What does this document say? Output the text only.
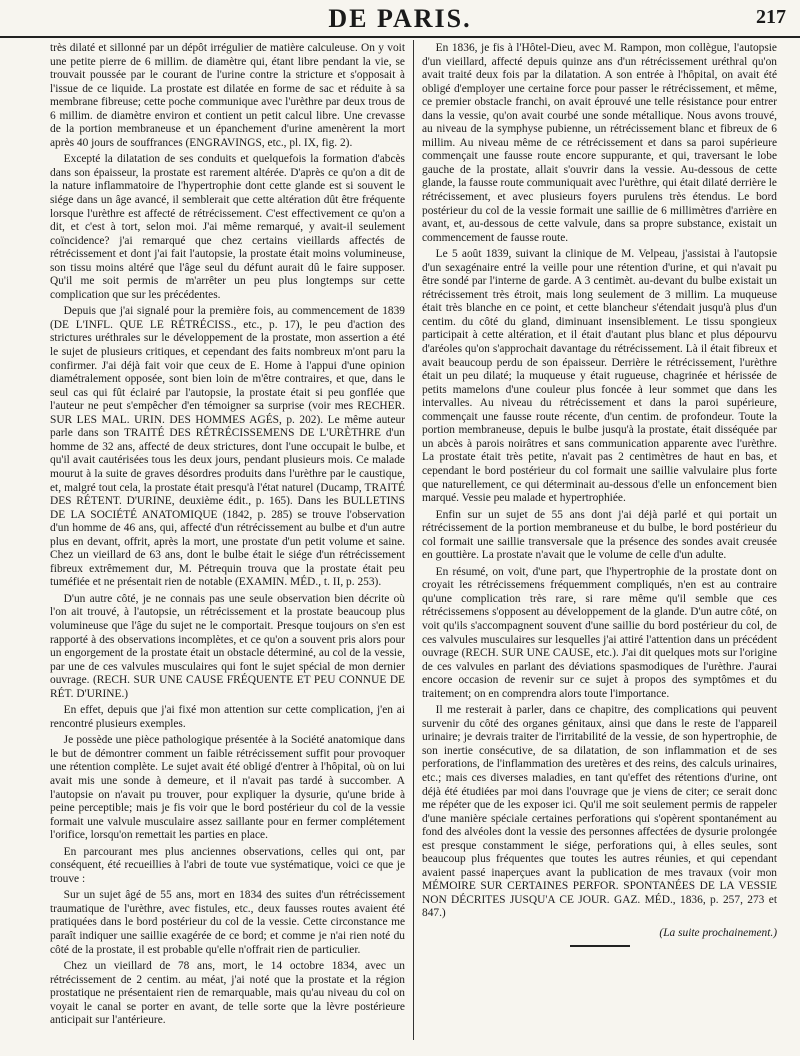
DE PARIS.	217

très dilaté et sillonné par un dépôt irrégulier de matière calculeuse. On y voit une petite pierre de 6 millim. de diamètre qui, étant libre pendant la vie, se trouvait poussée par le courant de l'urine contre la stricture et s'opposait à l'issue de ce liquide. La prostate est dilatée en forme de sac et réduite à sa membrane fibreuse; cette poche communique avec l'urèthre par deux trous de 6 millim. de diamètre environ et contient un petit calcul libre. Une crevasse de la portion membraneuse et un épanchement d'urine amenèrent la mort après 40 jours de souffrances (ENGRAVINGS, etc., pl. IX, fig. 2).

Excepté la dilatation de ses conduits et quelquefois la formation d'abcès dans son épaisseur, la prostate est rarement altérée. D'après ce qu'on a dit de la nature inflammatoire de l'hypertrophie dont cette glande est si souvent le siége dans un âge avancé, il semblerait que cette altération dût être fréquente lorsque l'urèthre est affecté de rétrécissement. C'est effectivement ce qu'on a dit, et c'est à tort, selon moi. J'ai même remarqué, y avait-il seulement coïncidence? j'ai remarqué que chez certains vieillards affectés de rétrécissement et dont j'ai fait l'autopsie, la prostate était moins volumineuse, son tissu moins altéré que l'âge seul du défunt aurait dû le faire supposer. Qu'il me soit permis de m'arrêter un peu plus longtemps sur cette complication que sur les précédentes.

Depuis que j'ai signalé pour la première fois, au commencement de 1839 (DE L'INFL. QUE LE RÉTRÉCISS., etc., p. 17), le peu d'action des strictures uréthrales sur le développement de la prostate, mon assertion a été le sujet de plusieurs critiques, et cependant des faits nombreux m'ont paru la confirmer. J'ai déjà fait voir que ceux de E. Home à l'appui d'une opinion diamétralement opposée, sont bien loin de m'être contraires, et que, dans le seul cas qui fût éclairé par l'autopsie, la prostate était si peu gonflée que l'auteur ne peut s'empêcher d'en témoigner sa surprise (voir mes RECHER. SUR LES MAL. URIN. DES HOMMES AGÉS, p. 202). Le même auteur parle dans son TRAITÉ DES RÉTRÉCISSEMENS DE L'URÈTHRE d'un homme de 32 ans, affecté de deux strictures, dont l'une occupait le bulbe, et qu'il avait cautérisées tous les deux jours, pendant plusieurs mois. Ce malade mourut à la suite de graves désordres produits dans l'urèthre par le caustique, et, malgré tout cela, la prostate était presqu'à l'état naturel (Ducamp, TRAITÉ DES RÉTENT. D'URINE, deuxième édit., p. 165). Dans les BULLETINS DE LA SOCIÉTÉ ANATOMIQUE (1842, p. 285) se trouve l'observation d'un homme de 46 ans, qui, affecté d'un rétrécissement au bulbe et d'un autre plus en devant, offrit, après la mort, une prostate d'un petit volume et saine. Chez un vieillard de 63 ans, dont le bulbe était le siége d'un rétrécissement fibreux extrêmement dur, M. Pétrequin trouva que la prostate était peu tuméfiée et ne présentait rien de notable (EXAMIN. MÉD., t. II, p. 253).

D'un autre côté, je ne connais pas une seule observation bien décrite où l'on ait trouvé, à l'autopsie, un rétrécissement et la prostate beaucoup plus volumineuse que l'âge du sujet ne le comportait. Presque toujours on s'en est rapporté à des observations incomplètes, et ce qu'on a souvent pris alors pour un engorgement de la prostate était un obstacle déterminé, au col de la vessie, par une de ces valvules musculaires qui font le sujet spécial de mon dernier ouvrage. (RECH. SUR UNE CAUSE FRÉQUENTE ET PEU CONNUE DE RÉT. D'URINE.)

En effet, depuis que j'ai fixé mon attention sur cette complication, j'en ai rencontré plusieurs exemples.

Je possède une pièce pathologique présentée à la Société anatomique dans le but de démontrer comment un faible rétrécissement suffit pour provoquer une rétention complète. Le sujet avait été obligé d'entrer à l'hôpital, où on lui avait mis une sonde à demeure, et il n'avait pas tardé à succomber. A l'autopsie on n'avait pu trouver, pour expliquer la dysurie, qu'une bride à peine perceptible; mais je fis voir que le bord postérieur du col de la vessie formait une valvule musculaire assez saillante pour en fermer complétement l'orifice, lorsqu'on remettait les parties en place.

En parcourant mes plus anciennes observations, celles qui ont, par conséquent, été recueillies à l'abri de toute vue systématique, voici ce que je trouve :

Sur un sujet âgé de 55 ans, mort en 1834 des suites d'un rétrécissement traumatique de l'urèthre, avec fistules, etc., deux fausses routes avaient été pratiquées dans le bord postérieur du col de la vessie. Cette circonstance me paraît indiquer une saillie exagérée de ce bord; et comme je n'ai rien noté du côté de la prostate, il est probable qu'elle n'offrait rien de particulier.

Chez un vieillard de 78 ans, mort, le 14 octobre 1834, avec un rétrécissement de 2 centim. au méat, j'ai noté que la prostate et la région prostatique ne présentaient rien de remarquable, mais qu'au niveau du col on voyait le canal se porter en avant, de telle sorte que la lèvre postérieure anticipait sur l'antérieure.

En 1836, je fis à l'Hôtel-Dieu, avec M. Rampon, mon collègue, l'autopsie d'un vieillard, affecté depuis quinze ans d'un rétrécissement uréthral qu'on avait traité deux fois par la dilatation. A son entrée à l'hôpital, on avait été obligé d'employer une certaine force pour passer le rétrécissement, et même, ce premier obstacle franchi, on avait éprouvé une telle résistance pour entrer dans la vessie, qu'on avait courbé une sonde métallique. Nous avons trouvé, au niveau de la symphyse pubienne, un rétrécissement blanc et fibreux de 6 millim. Au niveau même de ce rétrécissement et dans sa paroi supérieure commençait une fausse route encore suppurante, et qui, traversant le lobe gauche de la prostate, allait s'ouvrir dans la vessie. Au-dessous de cette glande, la fausse route communiquait avec l'urèthre, qui était dilaté derrière le rétrécissement, et avec plusieurs foyers purulens très étendus. Le bord postérieur du col de la vessie formait une saillie de 6 millimètres d'arrière en avant, et, au-dessous de cette valvule, dans sa propre substance, existait un commencement de fausse route.

Le 5 août 1839, suivant la clinique de M. Velpeau, j'assistai à l'autopsie d'un sexagénaire entré la veille pour une rétention d'urine, et qui n'avait pu être sondé par l'interne de garde. A 3 centimèt. au-devant du bulbe existait un rétrécissement très étroit, mais long seulement de 3 millim. La muqueuse était très blanche en ce point, et cette blancheur s'étendait jusqu'à plus d'un centim. du côté du gland, diminuant insensiblement. Le tissu spongieux participait à cette altération, et il était d'autant plus blanc et plus dépourvu d'aréoles qu'on s'approchait davantage du rétrécissement. Là il était fibreux et avait beaucoup perdu de son épaisseur. Derrière le rétrécissement, l'urèthre était un peu dilaté; la muqueuse y était rugueuse, chagrinée et hérissée de petits mamelons d'une couleur plus foncée à leur sommet que dans les intervalles. Au niveau du rétrécissement et dans la paroi supérieure, commençait une fausse route récente, d'un centim. de profondeur. Toute la portion membraneuse, depuis le bulbe jusqu'à la prostate, était disséquée par un abcès à parois noirâtres et sans communication apparente avec l'urèthre. La prostate était très petite, n'avait pas 2 centimètres de haut en bas, et cependant le bord postérieur du col formait une saillie valvulaire plus forte que naturellement, ce qui déterminait au-dessous d'elle un enfoncement bien marqué. Vessie peu malade et hypertrophiée.

Enfin sur un sujet de 55 ans dont j'ai déjà parlé et qui portait un rétrécissement de la portion membraneuse et du bulbe, le bord postérieur du col formait une saillie transversale que la présence des sondes avait creusée en gouttière. La prostate n'avait que le volume de celle d'un adulte.

En résumé, on voit, d'une part, que l'hypertrophie de la prostate dont on croyait les rétrécissemens fréquemment compliqués, n'en est au contraire qu'une complication très rare, si rare même qu'il semble que ces rétrécissemens s'opposent au développement de la glande. D'un autre côté, on voit qu'ils s'accompagnent souvent d'une saillie du bord postérieur du col, de ces valvules musculaires sur lesquelles j'ai attiré l'attention dans un précédent ouvrage (RECH. SUR UNE CAUSE, etc.). J'ai dit quelques mots sur l'origine de ces valvules en parlant des déviations spasmodiques de l'urèthre. J'aurai encore occasion de revenir sur ce sujet à propos des symptômes et du traitement; on en comprendra alors toute l'importance.

Il me resterait à parler, dans ce chapitre, des complications qui peuvent survenir du côté des organes génitaux, ainsi que dans le reste de l'appareil urinaire; je devrais traiter de l'irritabilité de la vessie, de son hypertrophie, de son inertie consécutive, de sa dilatation, de son inflammation et de ses perforations, de l'inflammation des uretères et des reins, des calculs urinaires, etc.; mais ces diverses maladies, en tant qu'effet des rétentions d'urine, ont déjà été étudiées par moi dans l'ouvrage que je viens de citer; ce serait donc me répéter que de les exposer ici. Qu'il me soit seulement permis de rappeler d'une manière spéciale certaines perforations qui s'opèrent spontanément au fond des alvéoles dont la vessie des personnes affectées de dysurie prolongée est presque constamment le siége, perforations qui, à elles seules, sont beaucoup plus fréquentes que toutes les autres réunies, et qui cependant avaient passé inaperçues avant la publication de mes travaux (voir mon MÉMOIRE SUR CERTAINES PERFOR. SPONTANÉES DE LA VESSIE NON DÉCRITES JUSQU'A CE JOUR. GAZ. MÉD., 1836, p. 257, 273 et 847.)

(La suite prochainement.)
